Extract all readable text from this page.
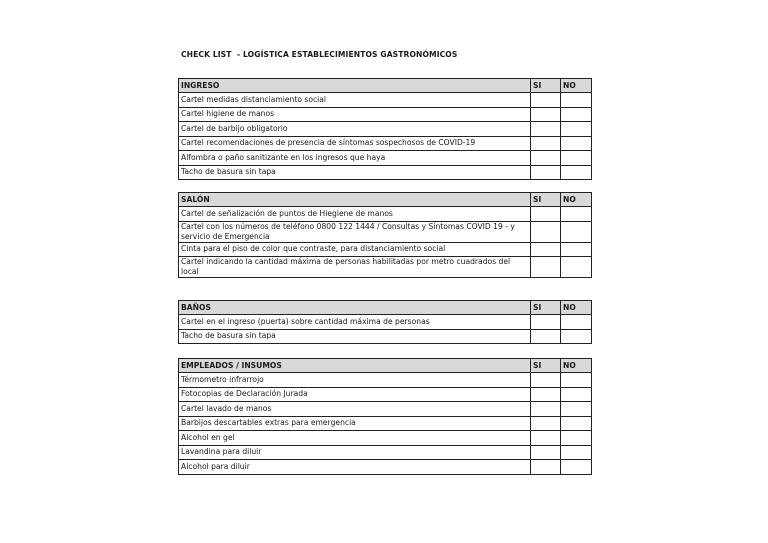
CHECK LIST  - LOGÍSTICA ESTABLECIMIENTOS GASTRONÓMICOS
INGRESO	SI	NO
Cartel medidas distanciamiento social		
Cartel higiene de manos		
Cartel de barbijo obligatorio		
Cartel recomendaciones de presencia de síntomas sospechosos de COVID-19		
Alfombra o paño sanitizante en los ingresos que haya		
Tacho de basura sin tapa		
SALÓN	SI	NO
Cartel de señalización de puntos de Hiegiene de manos		
Cartel con los números de teléfono 0800 122 1444 / Consultas y Síntomas COVID 19 - y servicio de Emergencia		
Cinta para el piso de color que contraste, para distanciamiento social		
Cartel indicando la cantidad máxima de personas habilitadas por metro cuadrados del local		
BAÑOS	SI	NO
Cartel en el ingreso (puerta) sobre cantidad máxima de personas		
Tacho de basura sin tapa		
EMPLEADOS / INSUMOS	SI	NO
Térmometro infrarrojo		
Fotocopias de Declaración Jurada		
Cartel lavado de manos		
Barbijos descartables extras para emergencia		
Alcohol en gel		
Lavandina para diluir		
Alcohol para diluir		
